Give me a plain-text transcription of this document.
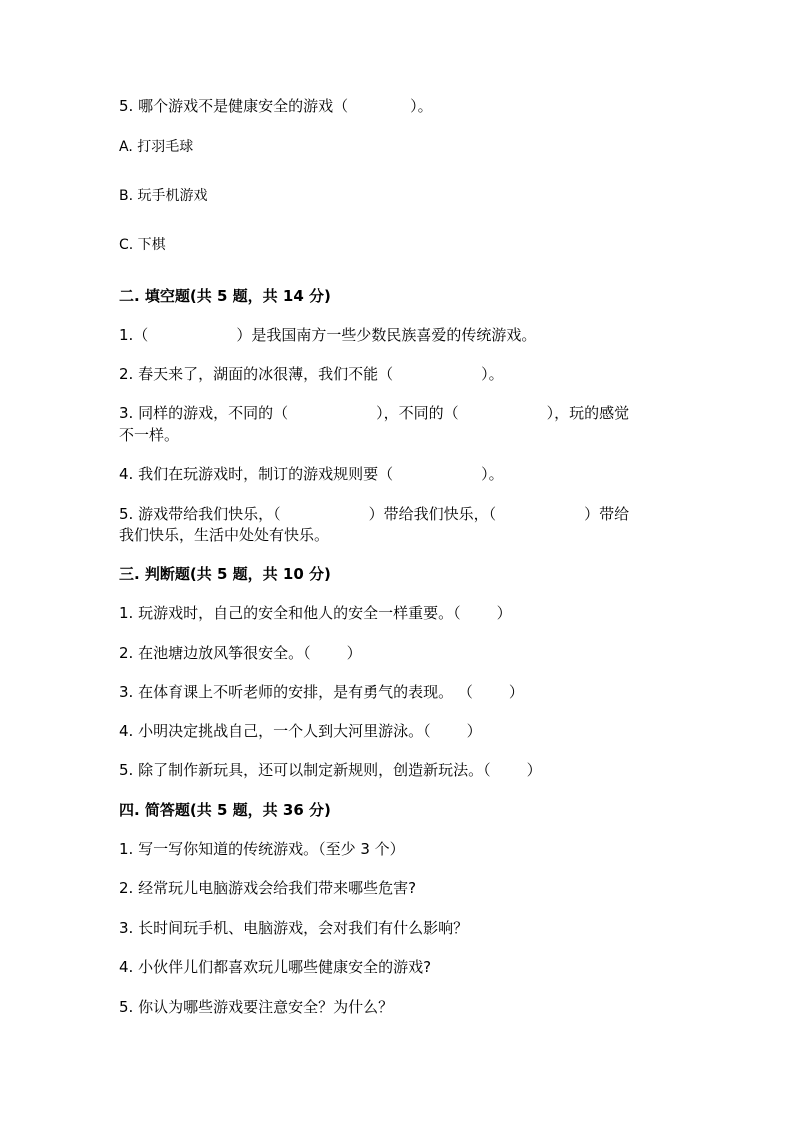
5. 哪个游戏不是健康安全的游戏（	）。
A. 打羽毛球
B. 玩手机游戏
C. 下棋
二. 填空题(共 5 题，共 14 分)
1.（	）是我国南方一些少数民族喜爱的传统游戏。
2. 春天来了，湖面的冰很薄，我们不能（	）。
3. 同样的游戏，不同的（	），不同的（	），玩的感觉
不一样。
4. 我们在玩游戏时，制订的游戏规则要（	）。
5. 游戏带给我们快乐，（	）带给我们快乐，（	）带给
我们快乐，生活中处处有快乐。
三. 判断题(共 5 题，共 10 分)
1. 玩游戏时，自己的安全和他人的安全一样重要。（ ）
2. 在池塘边放风筝很安全。（ ）
3. 在体育课上不听老师的安排，是有勇气的表现。 （ ）
4. 小明决定挑战自己，一个人到大河里游泳。（ ）
5. 除了制作新玩具，还可以制定新规则，创造新玩法。（ ）
四. 简答题(共 5 题，共 36 分)
1. 写一写你知道的传统游戏。（至少 3 个）
2. 经常玩儿电脑游戏会给我们带来哪些危害?
3. 长时间玩手机、电脑游戏，会对我们有什么影响？
4. 小伙伴儿们都喜欢玩儿哪些健康安全的游戏?
5. 你认为哪些游戏要注意安全？为什么？
